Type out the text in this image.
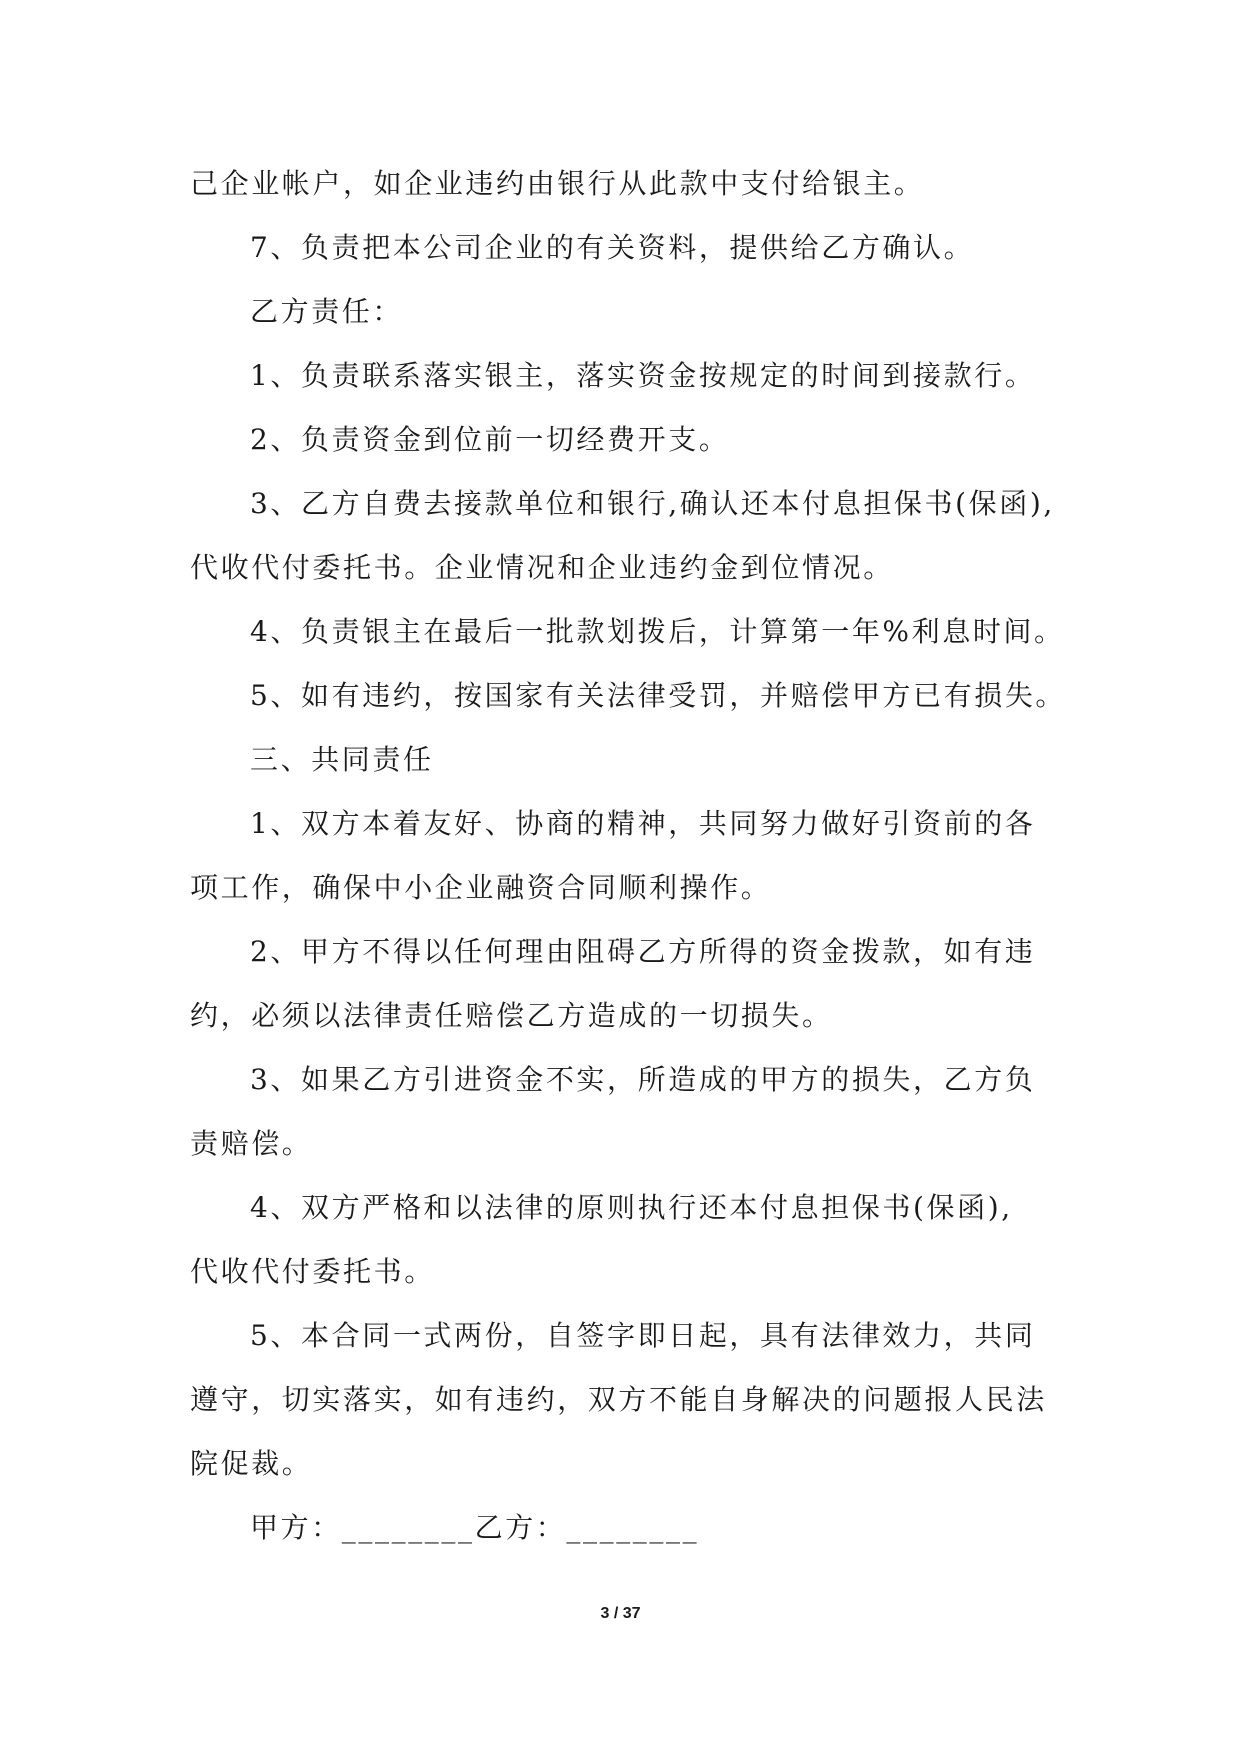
己企业帐户，如企业违约由银行从此款中支付给银主。
7、负责把本公司企业的有关资料，提供给乙方确认。
乙方责任：
1、负责联系落实银主，落实资金按规定的时间到接款行。
2、负责资金到位前一切经费开支。
3、乙方自费去接款单位和银行,确认还本付息担保书(保函),
代收代付委托书。企业情况和企业违约金到位情况。
4、负责银主在最后一批款划拨后，计算第一年%利息时间。
5、如有违约，按国家有关法律受罚，并赔偿甲方已有损失。
三、共同责任
1、双方本着友好、协商的精神，共同努力做好引资前的各
项工作，确保中小企业融资合同顺利操作。
2、甲方不得以任何理由阻碍乙方所得的资金拨款，如有违
约，必须以法律责任赔偿乙方造成的一切损失。
3、如果乙方引进资金不实，所造成的甲方的损失，乙方负
责赔偿。
4、双方严格和以法律的原则执行还本付息担保书(保函),
代收代付委托书。
5、本合同一式两份，自签字即日起，具有法律效力，共同
遵守，切实落实，如有违约，双方不能自身解决的问题报人民法
院促裁。
甲方：________乙方：________
3 / 37
